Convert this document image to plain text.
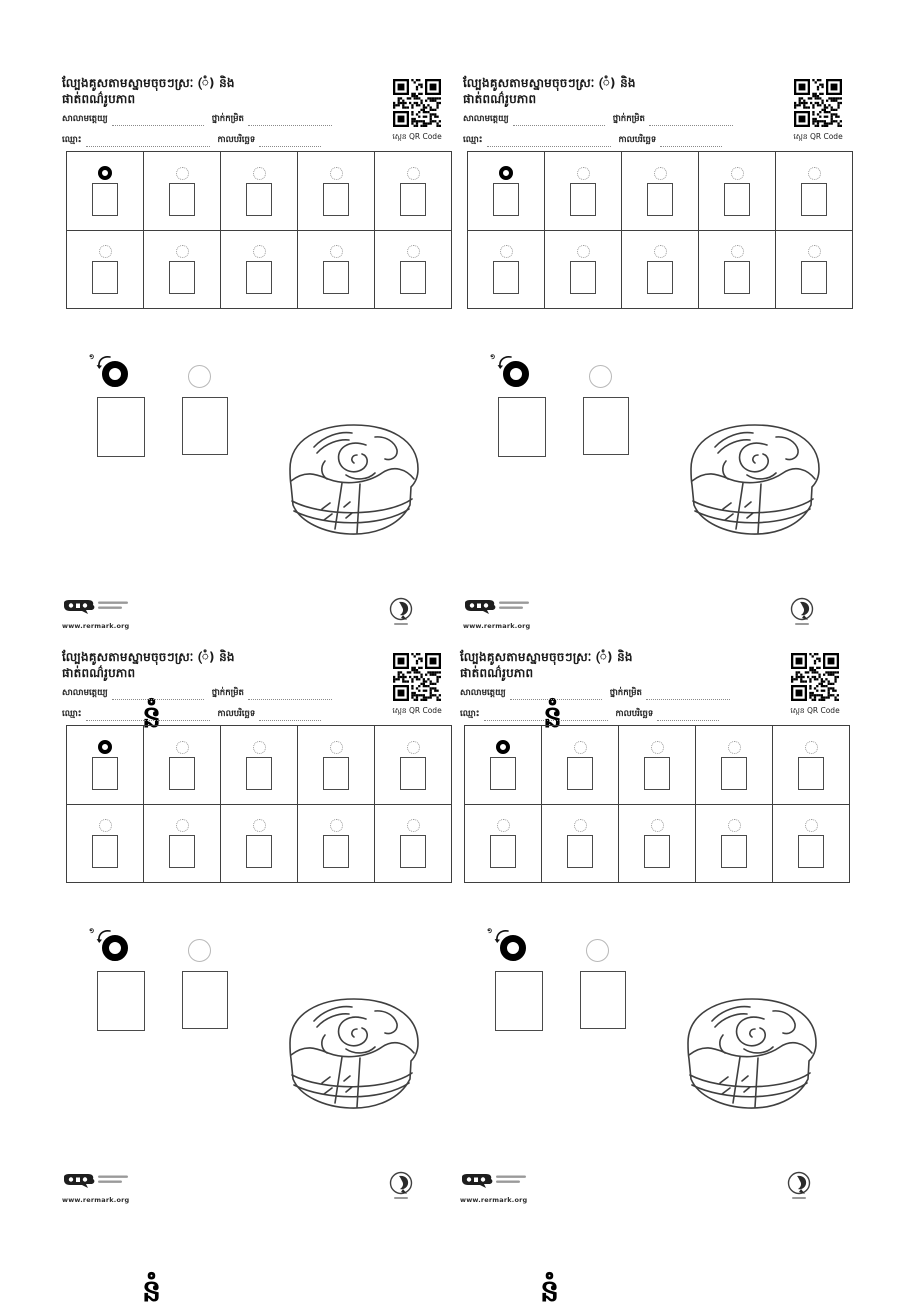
ល្បែងគូសតាមស្នាមចុចៗស្រៈ (ំ) និង
ផាត់ពណ៌រូបភាព
សាលាមត្តេយ្យ	ថ្នាក់កម្រិត
ឈ្មោះ	កាលបរិច្ឆេទ	ស្កេន QR Code
១
នំ
www.rermark.org
ល្បែងគូសតាមស្នាមចុចៗស្រៈ (ំ) និង
ផាត់ពណ៌រូបភាព
សាលាមត្តេយ្យ	ថ្នាក់កម្រិត
ឈ្មោះ	កាលបរិច្ឆេទ	ស្កេន QR Code
១
នំ
www.rermark.org
ល្បែងគូសតាមស្នាមចុចៗស្រៈ (ំ) និង
ផាត់ពណ៌រូបភាព
សាលាមត្តេយ្យ	ថ្នាក់កម្រិត
ឈ្មោះ	កាលបរិច្ឆេទ	ស្កេន QR Code
១
នំ
www.rermark.org
ល្បែងគូសតាមស្នាមចុចៗស្រៈ (ំ) និង
ផាត់ពណ៌រូបភាព
សាលាមត្តេយ្យ	ថ្នាក់កម្រិត
ឈ្មោះ	កាលបរិច្ឆេទ	ស្កេន QR Code
១
នំ
www.rermark.org
